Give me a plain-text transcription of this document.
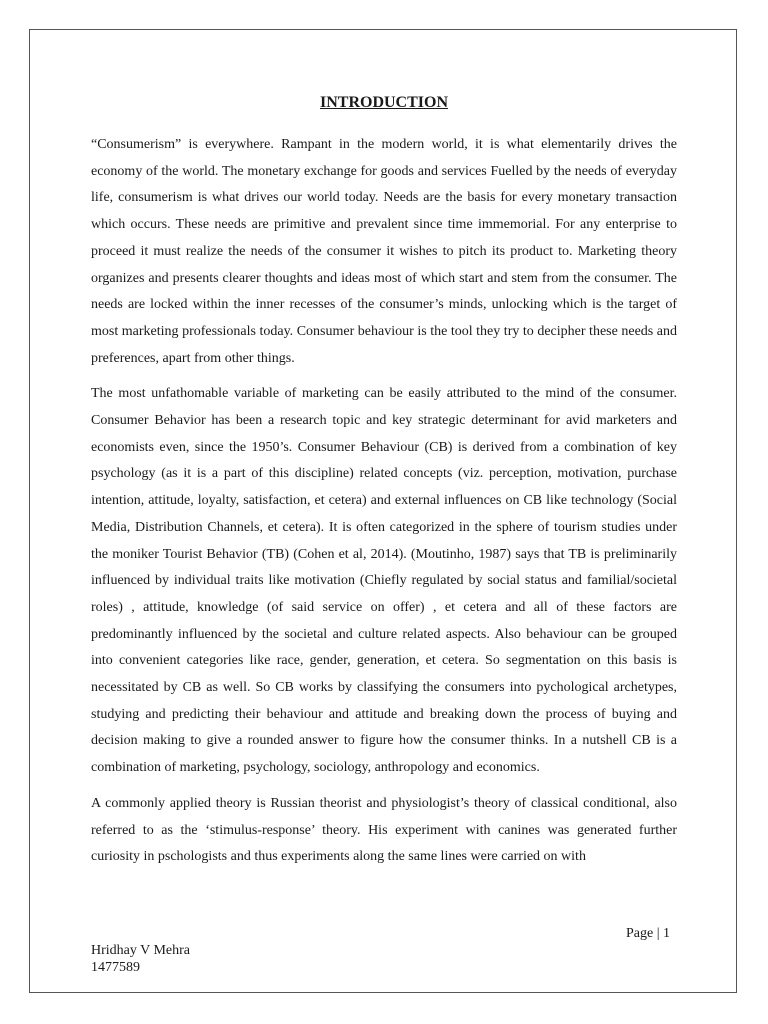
INTRODUCTION

“Consumerism” is everywhere. Rampant in the modern world, it is what elementarily drives the economy of the world. The monetary exchange for goods and services Fuelled by the needs of everyday life, consumerism is what drives our world today. Needs are the basis for every monetary transaction which occurs. These needs are primitive and prevalent since time immemorial. For any enterprise to proceed it must realize the needs of the consumer it wishes to pitch its product to. Marketing theory organizes and presents clearer thoughts and ideas most of which start and stem from the consumer. The needs are locked within the inner recesses of the consumer’s minds, unlocking which is the target of most marketing professionals today. Consumer behaviour is the tool they try to decipher these needs and preferences, apart from other things.

The most unfathomable variable of marketing can be easily attributed to the mind of the consumer. Consumer Behavior has been a research topic and key strategic determinant for avid marketers and economists even, since the 1950’s. Consumer Behaviour (CB) is derived from a combination of key psychology (as it is a part of this discipline) related concepts (viz. perception, motivation, purchase intention, attitude, loyalty, satisfaction, et cetera) and external influences on CB like technology (Social Media, Distribution Channels, et cetera). It is often categorized in the sphere of tourism studies under the moniker Tourist Behavior (TB) (Cohen et al, 2014). (Moutinho, 1987) says that TB is preliminarily influenced by individual traits like motivation (Chiefly regulated by social status and familial/societal roles) , attitude, knowledge (of said service on offer) , et cetera and all of these factors are predominantly influenced by the societal and culture related aspects. Also behaviour can be grouped into convenient categories like race, gender, generation, et cetera. So segmentation on this basis is necessitated by CB as well. So CB works by classifying the consumers into pychological archetypes, studying and predicting their behaviour and attitude and breaking down the process of buying and decision making to give a rounded answer to figure how the consumer thinks. In a nutshell CB is a combination of marketing, psychology, sociology, anthropology and economics.

A commonly applied theory is Russian theorist and physiologist’s theory of classical conditional, also referred to as the ‘stimulus-response’ theory. His experiment with canines was generated further curiosity in pschologists and thus experiments along the same lines were carried on with

Page | 1
Hridhay V Mehra
1477589
